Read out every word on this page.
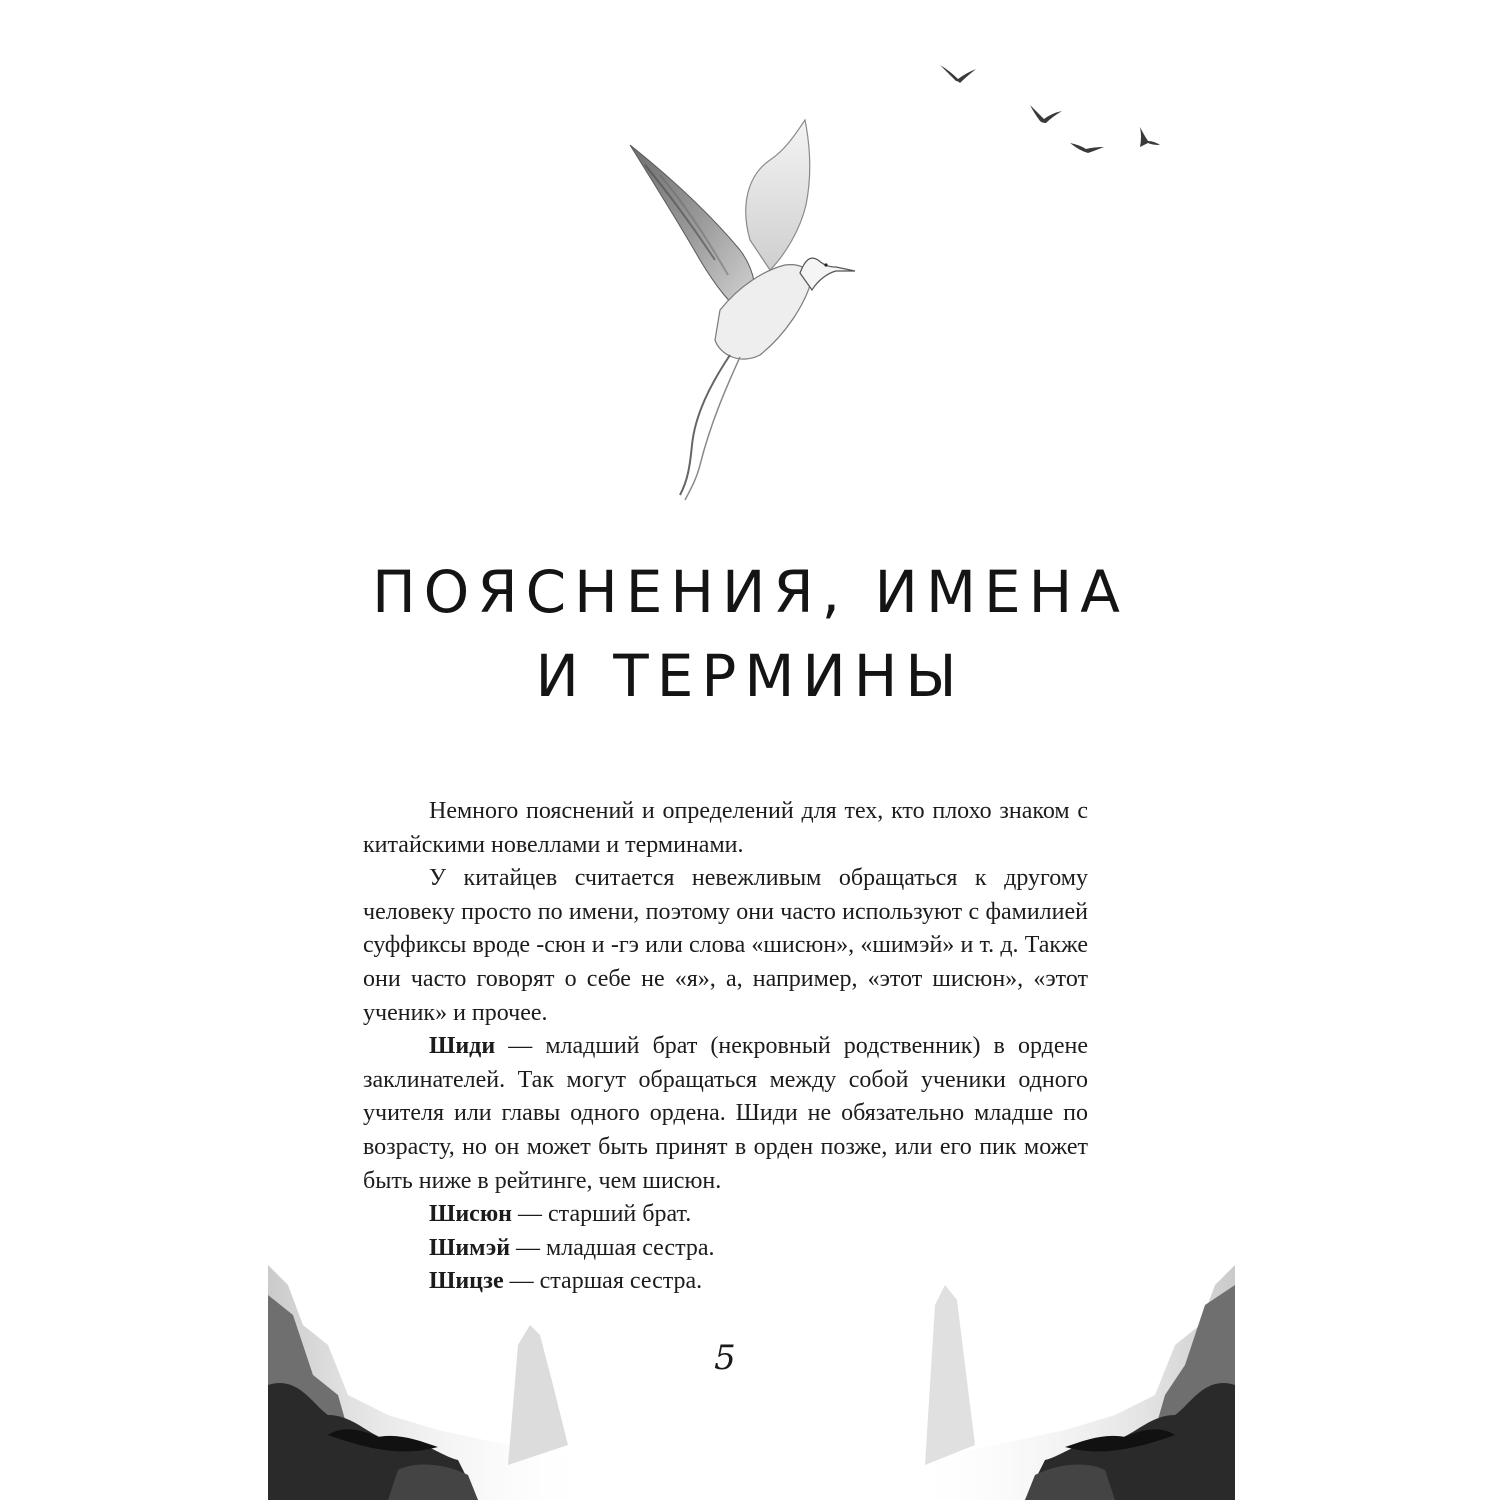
ПОЯСНЕНИЯ, ИМЕНА
И ТЕРМИНЫ

Немного пояснений и определений для тех, кто плохо знаком с китайскими новеллами и терминами.

У китайцев считается невежливым обращаться к другому человеку просто по имени, поэтому они часто используют с фамилией суффиксы вроде -сюн и -гэ или слова «шисюн», «шимэй» и т. д. Также они часто говорят о себе не «я», а, например, «этот шисюн», «этот ученик» и прочее.

Шиди — младший брат (некровный родственник) в ордене заклинателей. Так могут обращаться между собой ученики одного учителя или главы одного ордена. Шиди не обязательно младше по возрасту, но он может быть принят в орден позже, или его пик может быть ниже в рейтинге, чем шисюн.

Шисюн — старший брат.

Шимэй — младшая сестра.

Шицзе — старшая сестра.

5
